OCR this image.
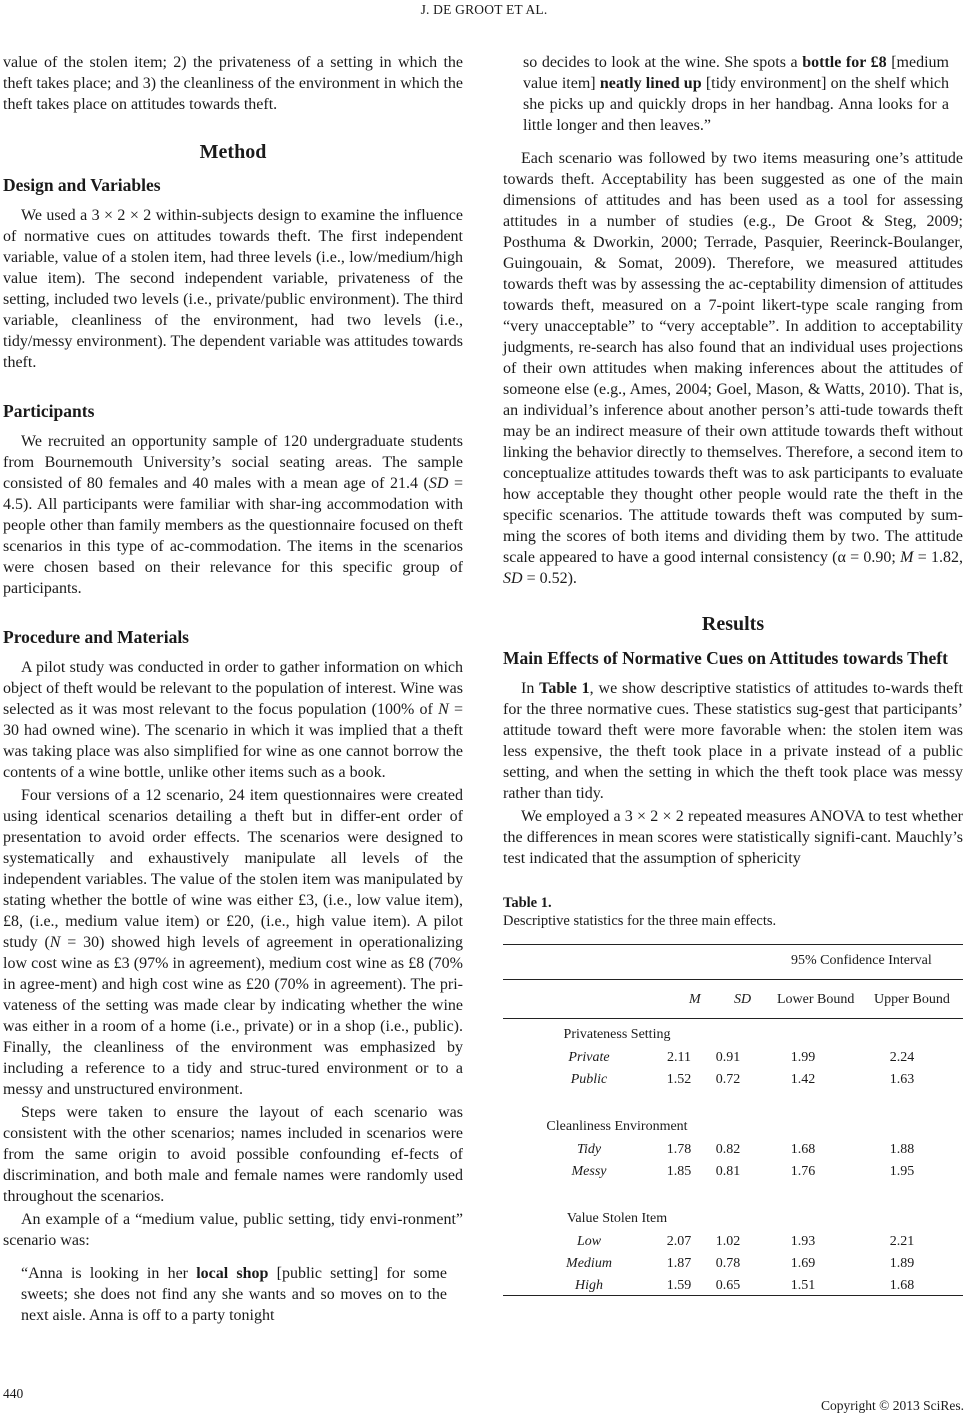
J. DE GROOT ET AL.

value of the stolen item; 2) the privateness of a setting in which the theft takes place; and 3) the cleanliness of the environment in which the theft takes place on attitudes towards theft.

Method
Design and Variables

We used a 3 × 2 × 2 within-subjects design to examine the influence of normative cues on attitudes towards theft. The first independent variable, value of a stolen item, had three levels (i.e., low/medium/high value item). The second independent variable, privateness of the setting, included two levels (i.e., private/public environment). The third variable, cleanliness of the environment, had two levels (i.e., tidy/messy environment). The dependent variable was attitudes towards theft.

Participants

We recruited an opportunity sample of 120 undergraduate students from Bournemouth University’s social seating areas. The sample consisted of 80 females and 40 males with a mean age of 21.4 (SD = 4.5). All participants were familiar with shar-ing accommodation with people other than family members as the questionnaire focused on theft scenarios in this type of ac-commodation. The items in the scenarios were chosen based on their relevance for this specific group of participants.

Procedure and Materials

A pilot study was conducted in order to gather information on which object of theft would be relevant to the population of interest. Wine was selected as it was most relevant to the focus population (100% of N = 30 had owned wine). The scenario in which it was implied that a theft was taking place was also simplified for wine as one cannot borrow the contents of a wine bottle, unlike other items such as a book.

Four versions of a 12 scenario, 24 item questionnaires were created using identical scenarios detailing a theft but in differ-ent order of presentation to avoid order effects. The scenarios were designed to systematically and exhaustively manipulate all levels of the independent variables. The value of the stolen item was manipulated by stating whether the bottle of wine was either £3, (i.e., low value item), £8, (i.e., medium value item) or £20, (i.e., high value item). A pilot study (N = 30) showed high levels of agreement in operationalizing low cost wine as £3 (97% in agreement), medium cost wine as £8 (70% in agree-ment) and high cost wine as £20 (70% in agreement). The pri-vateness of the setting was made clear by indicating whether the wine was either in a room of a home (i.e., private) or in a shop (i.e., public). Finally, the cleanliness of the environment was emphasized by including a reference to a tidy and struc-tured environment or to a messy and unstructured environment.

Steps were taken to ensure the layout of each scenario was consistent with the other scenarios; names included in scenarios were from the same origin to avoid possible confounding ef-fects of discrimination, and both male and female names were randomly used throughout the scenarios.

An example of a “medium value, public setting, tidy envi-ronment” scenario was:

“Anna is looking in her local shop [public setting] for some sweets; she does not find any she wants and so moves on to the next aisle. Anna is off to a party tonight

so decides to look at the wine. She spots a bottle for £8 [medium value item] neatly lined up [tidy environment] on the shelf which she picks up and quickly drops in her handbag. Anna looks for a little longer and then leaves.”

Each scenario was followed by two items measuring one’s attitude towards theft. Acceptability has been suggested as one of the main dimensions of attitudes and has been used as a tool for assessing attitudes in a number of studies (e.g., De Groot & Steg, 2009; Posthuma & Dworkin, 2000; Terrade, Pasquier, Reerinck-Boulanger, Guingouain, & Somat, 2009). Therefore, we measured attitudes towards theft was by assessing the ac-ceptability dimension of attitudes towards theft, measured on a 7-point likert-type scale ranging from “very unacceptable” to “very acceptable”. In addition to acceptability judgments, re-search has also found that an individual uses projections of their own attitudes when making inferences about the attitudes of someone else (e.g., Ames, 2004; Goel, Mason, & Watts, 2010). That is, an individual’s inference about another person’s atti-tude towards theft may be an indirect measure of their own attitude towards theft without linking the behavior directly to themselves. Therefore, a second item to conceptualize attitudes towards theft was to ask participants to evaluate how acceptable they thought other people would rate the theft in the specific scenarios. The attitude towards theft was computed by sum-ming the scores of both items and dividing them by two. The attitude scale appeared to have a good internal consistency (α = 0.90; M = 1.82, SD = 0.52).

Results
Main Effects of Normative Cues on Attitudes towards Theft

In Table 1, we show descriptive statistics of attitudes to-wards theft for the three normative cues. These statistics sug-gest that participants’ attitude toward theft were more favorable when: the stolen item was less expensive, the theft took place in a private instead of a public setting, and when the setting in which the theft took place was messy rather than tidy.

We employed a 3 × 2 × 2 repeated measures ANOVA to test whether the differences in mean scores were statistically signifi-cant. Mauchly’s test indicated that the assumption of sphericity

Table 1.
Descriptive statistics for the three main effects.
95% Confidence Interval
M SD Lower Bound Upper Bound
Privateness Setting
Private	2.11	0.91	1.99	2.24
Public	1.52	0.72	1.42	1.63
Cleanliness Environment
Tidy	1.78	0.82	1.68	1.88
Messy	1.85	0.81	1.76	1.95
Value Stolen Item
Low	2.07	1.02	1.93	2.21
Medium	1.87	0.78	1.69	1.89
High	1.59	0.65	1.51	1.68
440
Copyright © 2013 SciRes.
